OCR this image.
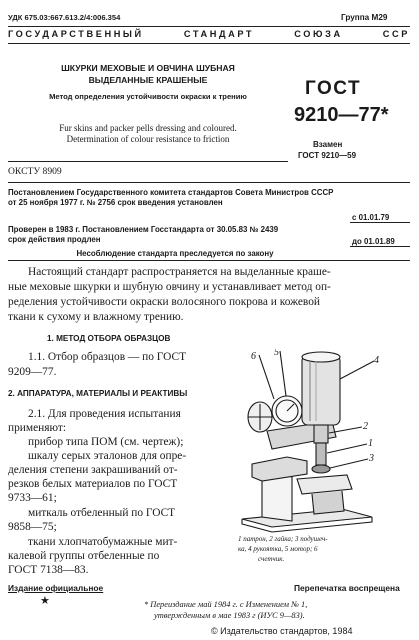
УДК 675.03:667.613.2/4:006.354	Группа М29
ГОСУДАРСТВЕННЫЙ СТАНДАРТ СОЮЗА ССР
ШКУРКИ МЕХОВЫЕ И ОВЧИНА ШУБНАЯ
ВЫДЕЛАННЫЕ КРАШЕНЫЕ
Метод определения устойчивости окраски к трению
Fur skins and packer pells dressing and coloured.
Determination of colour resistance to friction
ГОСТ
9210—77*
Взамен
ГОСТ 9210—59
ОКСТУ 8909
Постановлением Государственного комитета стандартов Совета Министров СССР
от 25 ноября 1977 г. № 2756 срок введения установлен
с 01.01.79
Проверен в 1983 г. Постановлением Госстандарта от 30.05.83 № 2439
срок действия продлен	до 01.01.89
Несоблюдение стандарта преследуется по закону
Настоящий стандарт распространяется на выделанные краше-
ные меховые шкурки и шубную овчину и устанавливает метод оп-
ределения устойчивости окраски волосяного покрова и кожевой
ткани к сухому и влажному трению.
1. МЕТОД ОТБОРА ОБРАЗЦОВ
1.1. Отбор образцов — по ГОСТ
9209—77.
2. АППАРАТУРА, МАТЕРИАЛЫ И РЕАКТИВЫ
2.1. Для проведения испытания
применяют:
прибор типа ПОМ (см. чертеж);
шкалу серых эталонов для опре-
деления степени закрашиваний от-
резков белых материалов по ГОСТ
9733—61;
миткаль отбеленный по ГОСТ
9858—75;
ткани хлопчатобумажные мит-
калевой группы отбеленные по
ГОСТ 7138—83.
6 5
4
2
1
3
1 патрон, 2 гайка; 3 подушеч-
ка, 4 рукоятка, 5 мотор; 6
счетчик.
Издание официальное	Перепечатка воспрещена
★	* Переиздание май 1984 г. с Изменением № 1,
утвержденным в мае 1983 г (ИУС 9—83).
© Издательство стандартов, 1984
